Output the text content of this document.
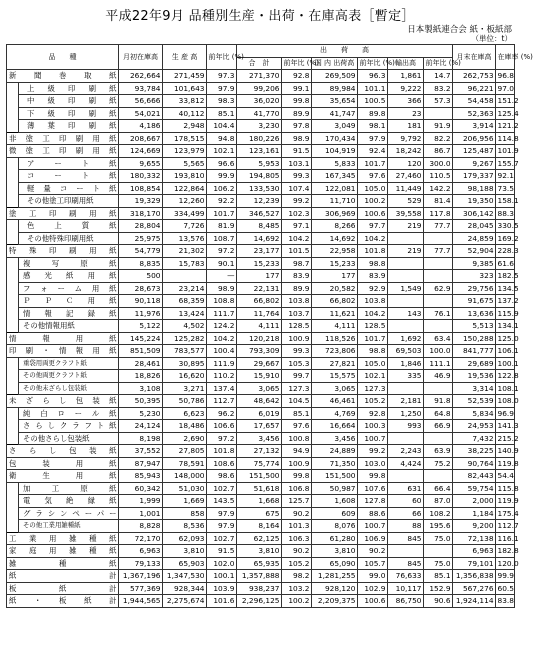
平成22年9月 品種別生産・出荷・在庫高表［暫定］
日本製紙連合会 紙・板紙部
（単位：t）
品　　種		月初在庫高	生 産 高	前年比 (%)	出　　荷　　高						月末在庫高	在庫率 (%)
					合　計	前年比 (%)	国 内 出荷高	前年比 (%)	輸出高	前年比 (%)		

新 聞 巻 取 紙		262,664	271,459	97.3	271,370	92.8	269,509	96.3	1,861	14.7	262,753	96.8
	上 級 印 刷 紙	93,784	101,643	97.9	99,206	99.1	89,984	101.1	9,222	83.2	96,221	97.0
	中 級 印 刷 紙	56,666	33,812	98.3	36,020	99.8	35,654	100.5	366	57.3	54,458	151.2
	下 級 印 刷 紙	54,021	40,112	85.1	41,770	89.9	41,747	89.8	23		52,363	125.4
	薄 葉 印 刷 紙	4,186	2,948	104.4	3,230	97.8	3,049	98.1	181	91.9	3,914	121.2
非塗工印刷用紙		208,667	178,515	94.8	180,226	98.9	170,434	97.9	9,792	82.2	206,956	114.8
微塗工印刷用紙		124,669	123,979	102.1	123,161	91.5	104,919	92.4	18,242	86.7	125,487	101.9
	ア ー ト 紙	9,655	5,565	96.6	5,953	103.1	5,833	101.7	120	300.0	9,267	155.7
	コ ー ト 紙	180,332	193,810	99.9	194,805	99.3	167,345	97.6	27,460	110.5	179,337	92.1
	軽 量 コ ー ト 紙	108,854	122,864	106.2	133,530	107.4	122,081	105.0	11,449	142.2	98,188	73.5
	その他塗工印刷用紙	19,329	12,260	92.2	12,239	99.2	11,710	100.2	529	81.4	19,350	158.1
塗 工 印 刷 用 紙		318,170	334,499	101.7	346,527	102.3	306,969	100.6	39,558	117.8	306,142	88.3
	色 上 質 紙	28,804	7,726	81.9	8,485	97.1	8,266	97.7	219	77.7	28,045	330.5
	その他特殊印刷用紙	25,975	13,576	108.7	14,692	104.2	14,692	104.2			24,859	169.2
特 殊 印 刷 用 紙		54,779	21,302	97.2	23,177	101.5	22,958	101.8	219	77.7	52,904	228.3
	複 写 原 紙	8,835	15,783	90.1	15,233	98.7	15,233	98.8			9,385	61.6
	感 光 紙 用 紙	500		—	177	83.9	177	83.9			323	182.5
	フ ォ ー ム 用 紙	28,673	23,214	98.9	22,131	89.9	20,582	92.9	1,549	62.9	29,756	134.5
	Ｐ Ｐ Ｃ 用 紙	90,118	68,359	108.8	66,802	103.8	66,802	103.8			91,675	137.2
	情 報 記 録 紙	11,976	13,424	111.7	11,764	103.7	11,621	104.2	143	76.1	13,636	115.9
	その他情報用紙	5,122	4,502	124.2	4,111	128.5	4,111	128.5			5,513	134.1
情 報 用 紙		145,224	125,282	104.2	120,218	100.9	118,526	101.7	1,692	63.4	150,288	125.0
印刷・情報用紙		851,509	783,577	100.4	793,309	99.3	723,806	98.8	69,503	100.0	841,777	106.1
	重袋用両更クラフト紙	28,461	30,895	111.9	29,667	105.3	27,821	105.0	1,846	111.1	29,689	100.1
	その他両更クラフト紙	18,826	16,620	110.2	15,910	99.7	15,575	102.1	335	46.9	19,536	122.8
	その他未ざらし包装紙	3,108	3,271	137.4	3,065	127.3	3,065	127.3			3,314	108.1
未 ざ ら し 包 装 紙		50,395	50,786	112.7	48,642	104.5	46,461	105.2	2,181	91.8	52,539	108.0
	純 白 ロ ー ル 紙	5,230	6,623	96.2	6,019	85.1	4,769	92.8	1,250	64.8	5,834	96.9
	さらしクラフト紙	24,124	18,486	106.6	17,657	97.6	16,664	100.3	993	66.9	24,953	141.3
	その他さらし包装紙	8,198	2,690	97.2	3,456	100.8	3,456	100.7			7,432	215.2
さ ら し 包 装 紙		37,552	27,805	101.8	27,132	94.9	24,889	99.2	2,243	63.9	38,225	140.9
包 装 用 紙		87,947	78,591	108.6	75,774	100.9	71,350	103.0	4,424	75.2	90,764	119.8
衛 生 用 紙		85,943	148,000	98.6	151,500	99.8	151,500	99.8			82,443	54.4
	加 工 原 紙	60,342	51,030	102.7	51,618	106.8	50,987	107.6	631	66.4	59,754	115.8
	電 気 絶 縁 紙	1,999	1,669	143.5	1,668	125.7	1,608	127.8	60	87.0	2,000	119.9
	グラシンペーパー	1,001	858	97.9	675	90.2	609	88.6	66	108.2	1,184	175.4
	その他工業用雑種紙	8,828	8,536	97.9	8,164	101.3	8,076	100.7	88	195.6	9,200	112.7
工 業 用 雑 種 紙		72,170	62,093	102.7	62,125	106.3	61,280	106.9	845	75.0	72,138	116.1
家 庭 用 雑 種 紙		6,963	3,810	91.5	3,810	90.2	3,810	90.2			6,963	182.8
雑 種 紙		79,133	65,903	102.0	65,935	105.2	65,090	105.7	845	75.0	79,101	120.0
紙 計		1,367,196	1,347,530	100.1	1,357,888	98.2	1,281,255	99.0	76,633	85.1	1,356,838	99.9
板 紙 計		577,369	928,344	103.9	938,237	103.2	928,120	102.9	10,117	152.9	567,276	60.5
紙 ・ 板 紙 計		1,944,565	2,275,674	101.6	2,296,125	100.2	2,209,375	100.6	86,750	90.6	1,924,114	83.8
